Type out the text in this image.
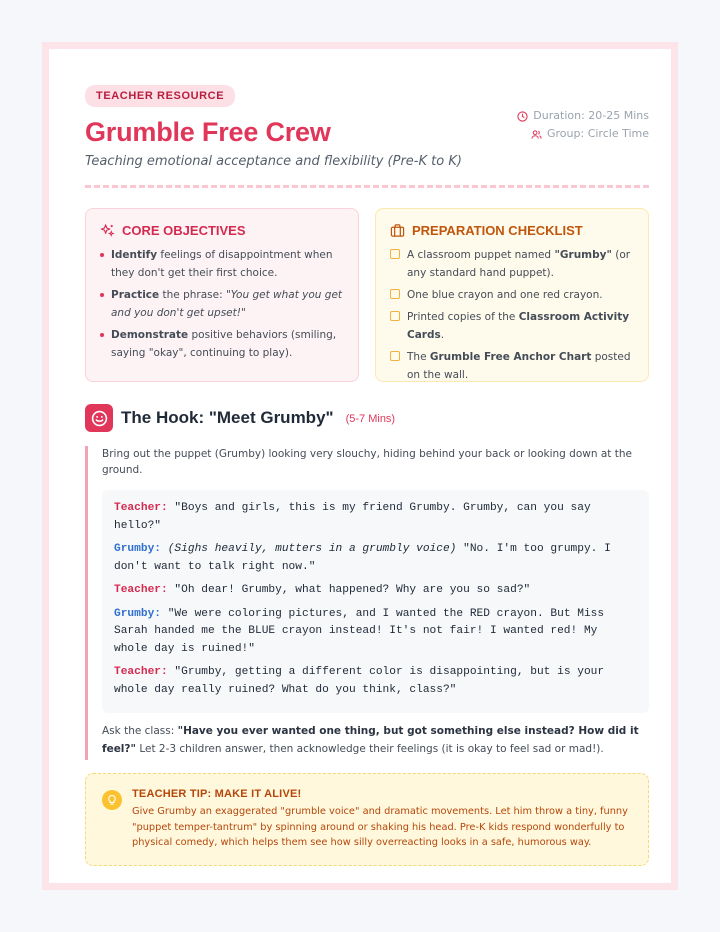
TEACHER RESOURCE
Grumble Free Crew
Teaching emotional acceptance and flexibility (Pre-K to K)
Duration: 20-25 Mins
Group: Circle Time
CORE OBJECTIVES
Identify feelings of disappointment when they don't get their first choice.
Practice the phrase: "You get what you get and you don't get upset!"
Demonstrate positive behaviors (smiling, saying "okay", continuing to play).
PREPARATION CHECKLIST
A classroom puppet named "Grumby" (or any standard hand puppet).
One blue crayon and one red crayon.
Printed copies of the Classroom Activity Cards.
The Grumble Free Anchor Chart posted on the wall.
The Hook: "Meet Grumby" (5-7 Mins)
Bring out the puppet (Grumby) looking very slouchy, hiding behind your back or looking down at the ground.

Teacher: "Boys and girls, this is my friend Grumby. Grumby, can you say hello?"

Grumby: (Sighs heavily, mutters in a grumbly voice) "No. I'm too grumpy. I don't want to talk right now."

Teacher: "Oh dear! Grumby, what happened? Why are you so sad?"

Grumby: "We were coloring pictures, and I wanted the RED crayon. But Miss Sarah handed me the BLUE crayon instead! It's not fair! I wanted red! My whole day is ruined!"

Teacher: "Grumby, getting a different color is disappointing, but is your whole day really ruined? What do you think, class?"

Ask the class: "Have you ever wanted one thing, but got something else instead? How did it feel?" Let 2-3 children answer, then acknowledge their feelings (it is okay to feel sad or mad!).
TEACHER TIP: MAKE IT ALIVE!
Give Grumby an exaggerated "grumble voice" and dramatic movements. Let him throw a tiny, funny "puppet temper-tantrum" by spinning around or shaking his head. Pre-K kids respond wonderfully to physical comedy, which helps them see how silly overreacting looks in a safe, humorous way.
